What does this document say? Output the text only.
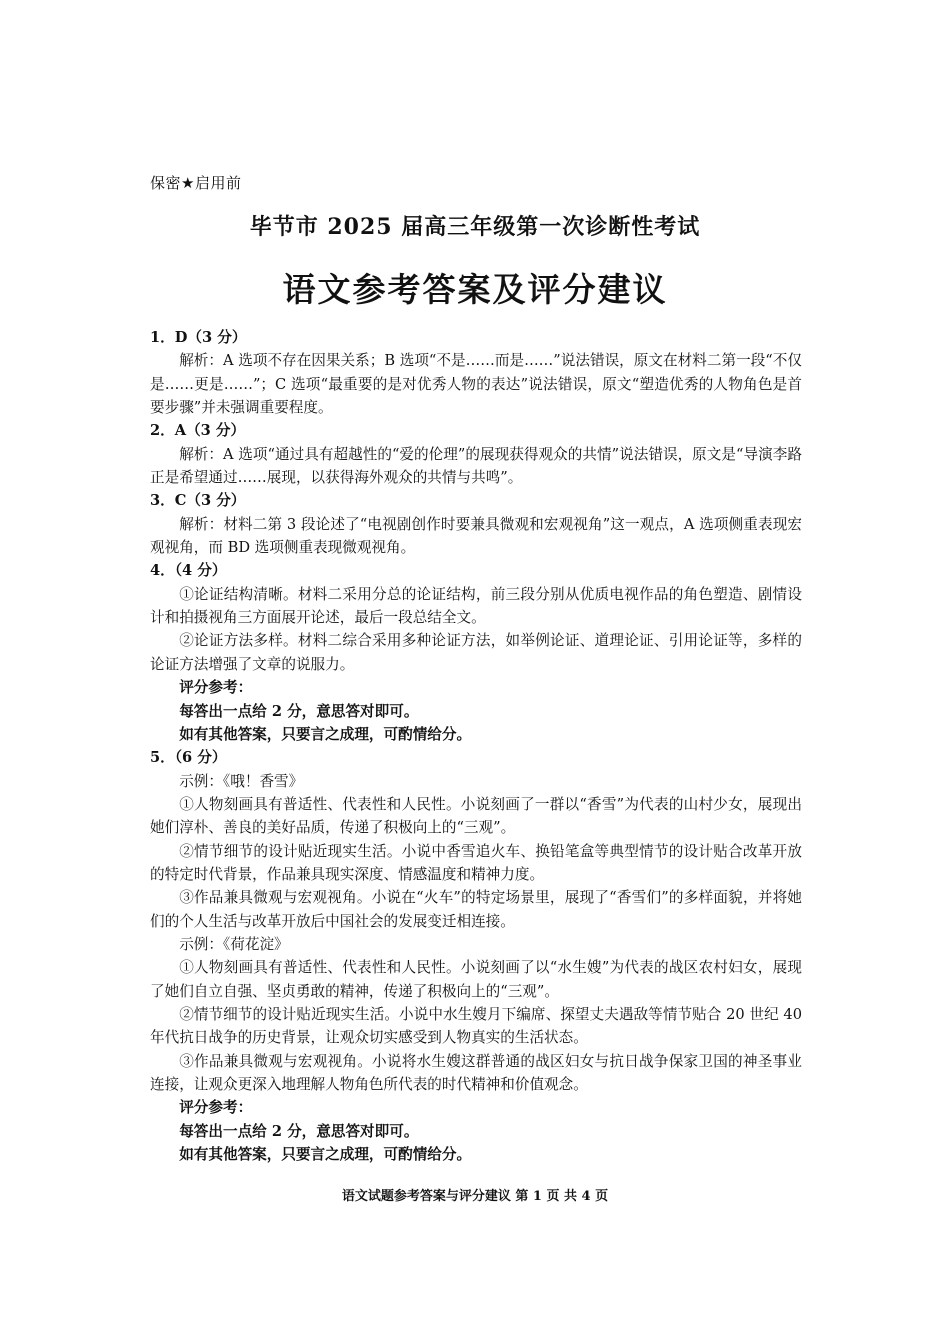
保密★启用前
毕节市 2025 届高三年级第一次诊断性考试
语文参考答案及评分建议

1．D（3 分）

解析：A 选项不存在因果关系；B 选项“不是……而是……”说法错误，原文在材料二第一段“不仅是……更是……”；C 选项“最重要的是对优秀人物的表达”说法错误，原文“塑造优秀的人物角色是首要步骤”并未强调重要程度。

2．A（3 分）

解析：A 选项“通过具有超越性的“爱的伦理”的展现获得观众的共情”说法错误，原文是“导演李路正是希望通过……展现，以获得海外观众的共情与共鸣”。

3．C（3 分）

解析：材料二第 3 段论述了“电视剧创作时要兼具微观和宏观视角”这一观点，A 选项侧重表现宏观视角，而 BD 选项侧重表现微观视角。

4．（4 分）

①论证结构清晰。材料二采用分总的论证结构，前三段分别从优质电视作品的角色塑造、剧情设计和拍摄视角三方面展开论述，最后一段总结全文。

②论证方法多样。材料二综合采用多种论证方法，如举例论证、道理论证、引用论证等，多样的论证方法增强了文章的说服力。

评分参考：

每答出一点给 2 分，意思答对即可。

如有其他答案，只要言之成理，可酌情给分。

5．（6 分）

示例：《哦！香雪》

①人物刻画具有普适性、代表性和人民性。小说刻画了一群以“香雪”为代表的山村少女，展现出她们淳朴、善良的美好品质，传递了积极向上的“三观”。

②情节细节的设计贴近现实生活。小说中香雪追火车、换铅笔盒等典型情节的设计贴合改革开放的特定时代背景，作品兼具现实深度、情感温度和精神力度。

③作品兼具微观与宏观视角。小说在“火车”的特定场景里，展现了“香雪们”的多样面貌，并将她们的个人生活与改革开放后中国社会的发展变迁相连接。

示例：《荷花淀》

①人物刻画具有普适性、代表性和人民性。小说刻画了以“水生嫂”为代表的战区农村妇女，展现了她们自立自强、坚贞勇敢的精神，传递了积极向上的“三观”。

②情节细节的设计贴近现实生活。小说中水生嫂月下编席、探望丈夫遇敌等情节贴合 20 世纪 40 年代抗日战争的历史背景，让观众切实感受到人物真实的生活状态。

③作品兼具微观与宏观视角。小说将水生嫂这群普通的战区妇女与抗日战争保家卫国的神圣事业连接，让观众更深入地理解人物角色所代表的时代精神和价值观念。

评分参考：

每答出一点给 2 分，意思答对即可。

如有其他答案，只要言之成理，可酌情给分。

语文试题参考答案与评分建议 第 1 页 共 4 页
